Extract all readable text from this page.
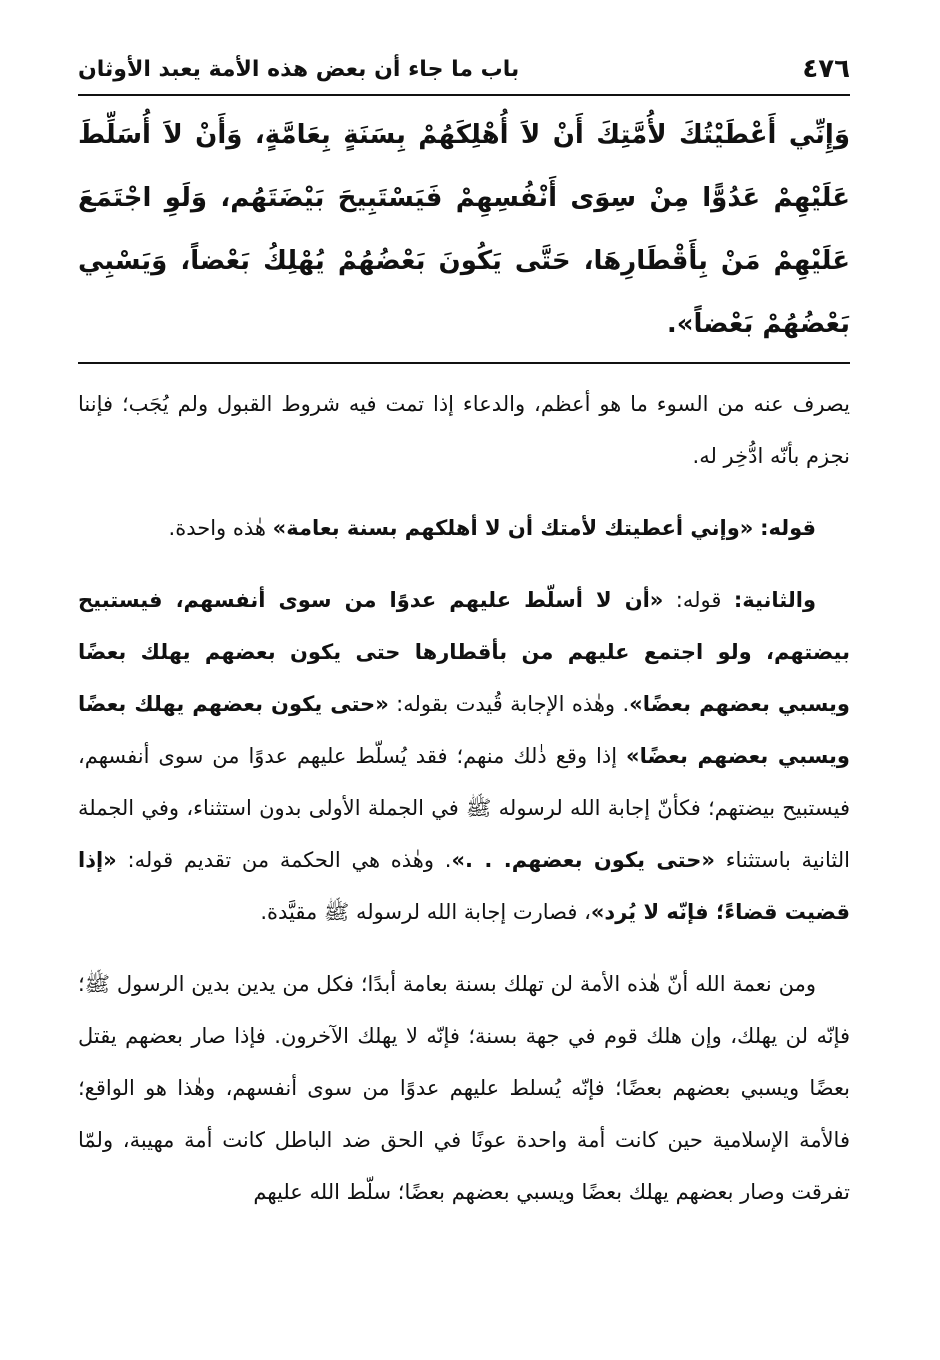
٤٧٦
باب ما جاء أن بعض هذه الأمة يعبد الأوثان
وَإِنِّي أَعْطَيْتُكَ لأُمَّتِكَ أَنْ لاَ أُهْلِكَهُمْ بِسَنَةٍ بِعَامَّةٍ، وَأَنْ لاَ أُسَلِّطَ عَلَيْهِمْ عَدُوًّا مِنْ سِوَى أَنْفُسِهِمْ فَيَسْتَبِيحَ بَيْضَتَهُم، وَلَوِ اجْتَمَعَ عَلَيْهِمْ مَنْ بِأَقْطَارِهَا، حَتَّى يَكُونَ بَعْضُهُمْ يُهْلِكُ بَعْضاً، وَيَسْبِي بَعْضُهُمْ بَعْضاً».

يصرف عنه من السوء ما هو أعظم، والدعاء إذا تمت فيه شروط القبول ولم يُجَب؛ فإننا نجزم بأنّه ادُّخِر له.

قوله: «وإني أعطيتك لأمتك أن لا أهلكهم بسنة بعامة» هٰذه واحدة.

والثانية: قوله: «أن لا أسلّط عليهم عدوًا من سوى أنفسهم، فيستبيح بيضتهم، ولو اجتمع عليهم من بأقطارها حتى يكون بعضهم يهلك بعضًا ويسبي بعضهم بعضًا». وهٰذه الإجابة قُيدت بقوله: «حتى يكون بعضهم يهلك بعضًا ويسبي بعضهم بعضًا» إذا وقع ذٰلك منهم؛ فقد يُسلّط عليهم عدوًا من سوى أنفسهم، فيستبيح بيضتهم؛ فكأنّ إجابة الله لرسوله ﷺ في الجملة الأولى بدون استثناء، وفي الجملة الثانية باستثناء «حتى يكون بعضهم. . .». وهٰذه هي الحكمة من تقديم قوله: «إذا قضيت قضاءً؛ فإنّه لا يُرد»، فصارت إجابة الله لرسوله ﷺ مقيَّدة.

ومن نعمة الله أنّ هٰذه الأمة لن تهلك بسنة بعامة أبدًا؛ فكل من يدين بدين الرسول ﷺ؛ فإنّه لن يهلك، وإن هلك قوم في جهة بسنة؛ فإنّه لا يهلك الآخرون. فإذا صار بعضهم يقتل بعضًا ويسبي بعضهم بعضًا؛ فإنّه يُسلط عليهم عدوًا من سوى أنفسهم، وهٰذا هو الواقع؛ فالأمة الإسلامية حين كانت أمة واحدة عونًا في الحق ضد الباطل كانت أمة مهيبة، ولمّا تفرقت وصار بعضهم يهلك بعضًا ويسبي بعضهم بعضًا؛ سلّط الله عليهم
